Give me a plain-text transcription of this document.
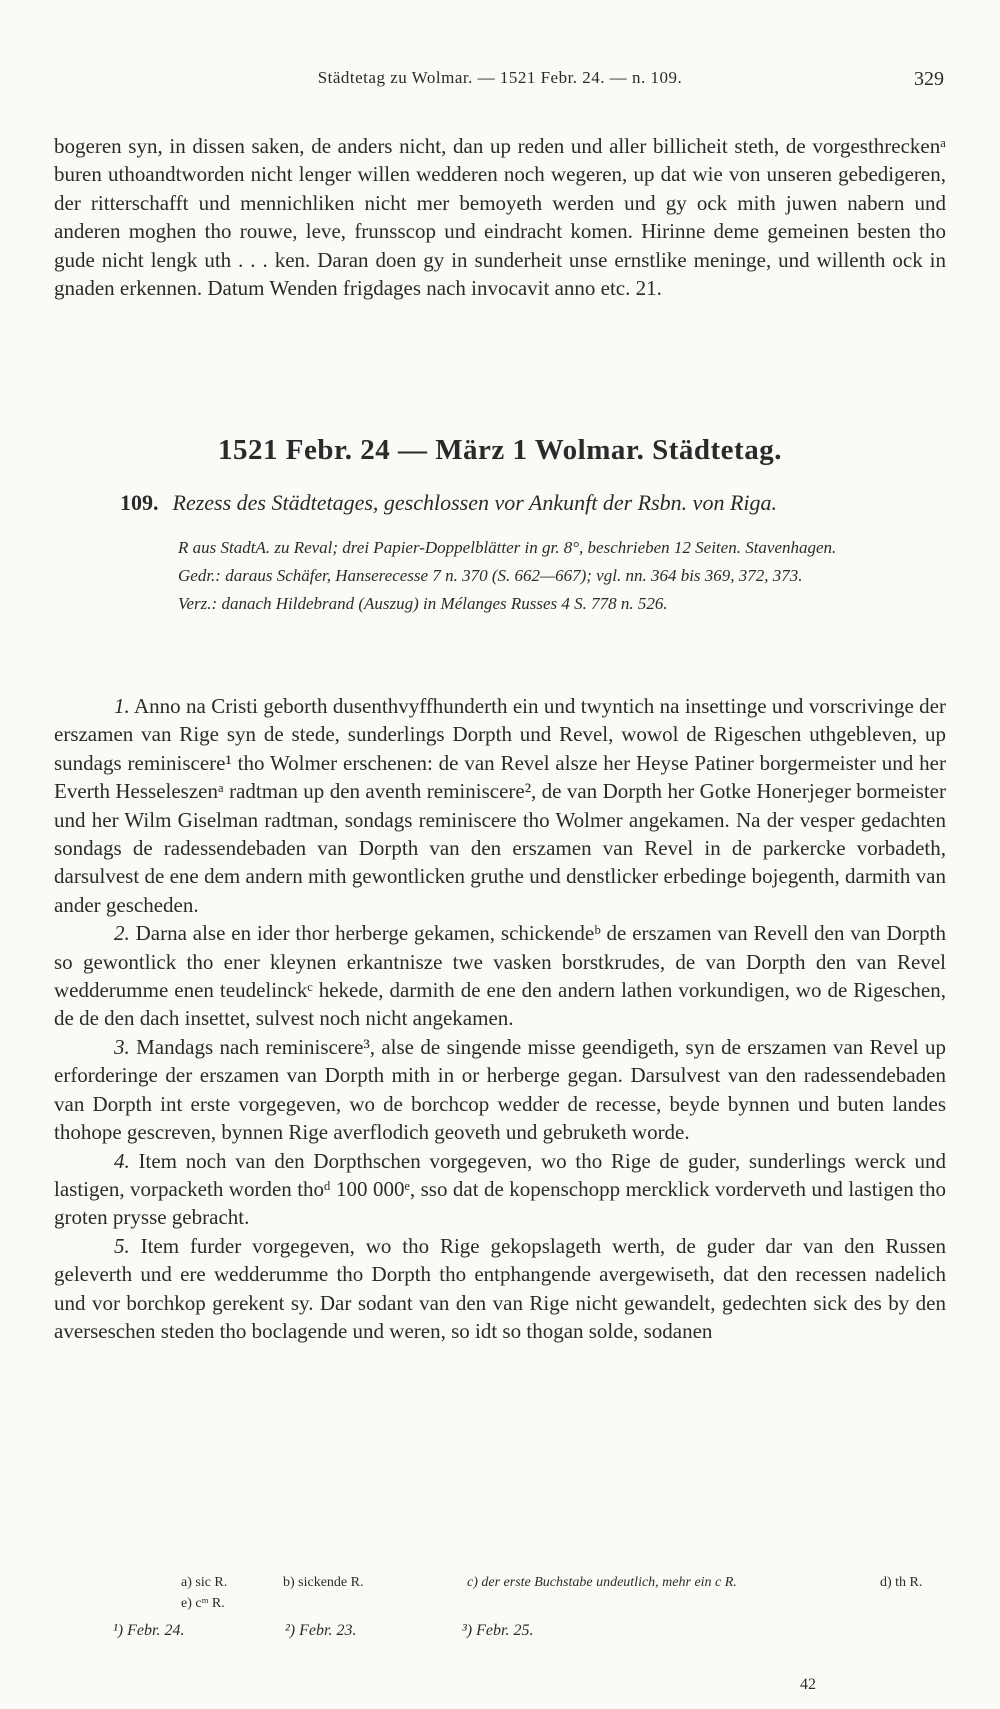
Städtetag zu Wolmar. — 1521 Febr. 24. — n. 109.	329

bogeren syn, in dissen saken, de anders nicht, dan up reden und aller billicheit steth, de vorgesthreckenᵃ buren uthoandtworden nicht lenger willen wedderen noch wegeren, up dat wie von unseren gebedigeren, der ritterschafft und mennichliken nicht mer bemoyeth werden und gy ock mith juwen nabern und anderen moghen tho rouwe, leve, frunsscop und eindracht komen. Hirinne deme gemeinen besten tho gude nicht lengk uth . . . ken. Daran doen gy in sunderheit unse ernstlike meninge, und willenth ock in gnaden erkennen. Datum Wenden frigdages nach invocavit anno etc. 21.

1521 Febr. 24 — März 1 Wolmar. Städtetag.
109. Rezess des Städtetages, geschlossen vor Ankunft der Rsbn. von Riga.

R aus StadtA. zu Reval; drei Papier-Doppelblätter in gr. 8°, beschrieben 12 Seiten. Stavenhagen.

Gedr.: daraus Schäfer, Hanserecesse 7 n. 370 (S. 662—667); vgl. nn. 364 bis 369, 372, 373.

Verz.: danach Hildebrand (Auszug) in Mélanges Russes 4 S. 778 n. 526.

1. Anno na Cristi geborth dusenthvyffhunderth ein und twyntich na insettinge und vorscrivinge der erszamen van Rige syn de stede, sunderlings Dorpth und Revel, wowol de Rigeschen uthgebleven, up sundags reminiscere¹ tho Wolmer erschenen: de van Revel alsze her Heyse Patiner borgermeister und her Everth Hesseleszenᵃ radtman up den aventh reminiscere², de van Dorpth her Gotke Honerjeger bormeister und her Wilm Giselman radtman, sondags reminiscere tho Wolmer angekamen. Na der vesper gedachten sondags de radessendebaden van Dorpth van den erszamen van Revel in de parkercke vorbadeth, darsulvest de ene dem andern mith gewontlicken gruthe und denstlicker erbedinge bojegenth, darmith van ander gescheden.

2. Darna alse en ider thor herberge gekamen, schickendeᵇ de erszamen van Revell den van Dorpth so gewontlick tho ener kleynen erkantnisze twe vasken borstkrudes, de van Dorpth den van Revel wedderumme enen teudelinckᶜ hekede, darmith de ene den andern lathen vorkundigen, wo de Rigeschen, de de den dach insettet, sulvest noch nicht angekamen.

3. Mandags nach reminiscere³, alse de singende misse geendigeth, syn de erszamen van Revel up erforderinge der erszamen van Dorpth mith in or herberge gegan. Darsulvest van den radessendebaden van Dorpth int erste vorgegeven, wo de borchcop wedder de recesse, beyde bynnen und buten landes thohope gescreven, bynnen Rige averflodich geoveth und gebruketh worde.

4. Item noch van den Dorpthschen vorgegeven, wo tho Rige de guder, sunderlings werck und lastigen, vorpacketh worden thoᵈ 100 000ᵉ, sso dat de kopenschopp mercklick vorderveth und lastigen tho groten prysse gebracht.

5. Item furder vorgegeven, wo tho Rige gekopslageth werth, de guder dar van den Russen geleverth und ere wedderumme tho Dorpth tho entphangende avergewiseth, dat den recessen nadelich und vor borchkop gerekent sy. Dar sodant van den van Rige nicht gewandelt, gedechten sick des by den averseschen steden tho boclagende und weren, so idt so thogan solde, sodanen

a) sic R.	b) sickende R.	c) der erste Buchstabe undeutlich, mehr ein c R.	d) th R.
e) cᵐ R.
¹) Febr. 24.	²) Febr. 23.	³) Febr. 25.
42
